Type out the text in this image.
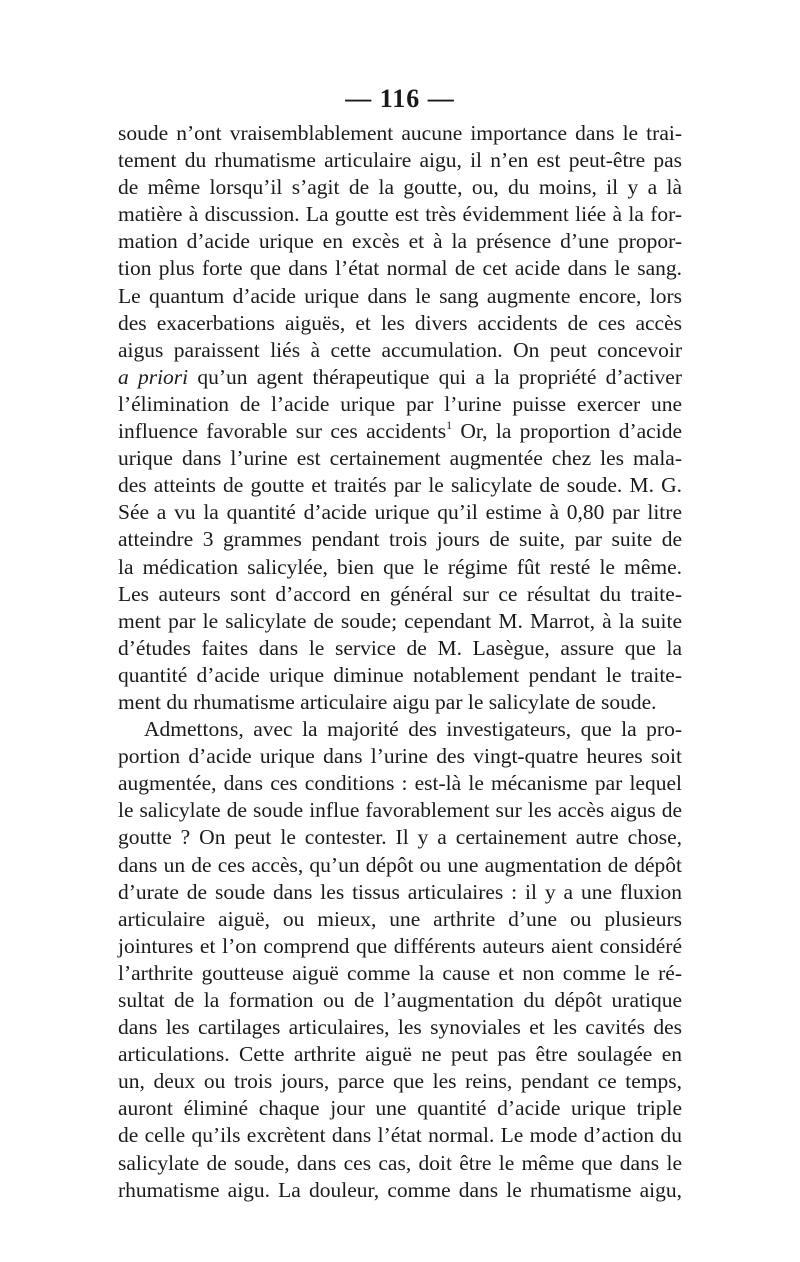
— 116 —
soude n’ont vraisemblablement aucune importance dans le trai-
tement du rhumatisme articulaire aigu, il n’en est peut-être pas
de même lorsqu’il s’agit de la goutte, ou, du moins, il y a là
matière à discussion. La goutte est très évidemment liée à la for-
mation d’acide urique en excès et à la présence d’une propor-
tion plus forte que dans l’état normal de cet acide dans le sang.
Le quantum d’acide urique dans le sang augmente encore, lors
des exacerbations aiguës, et les divers accidents de ces accès
aigus paraissent liés à cette accumulation. On peut concevoir
a priori qu’un agent thérapeutique qui a la propriété d’activer
l’élimination de l’acide urique par l’urine puisse exercer une
influence favorable sur ces accidents$^1$ Or, la proportion d’acide
urique dans l’urine est certainement augmentée chez les mala-
des atteints de goutte et traités par le salicylate de soude. M. G.
Sée a vu la quantité d’acide urique qu’il estime à 0,80 par litre
atteindre 3 grammes pendant trois jours de suite, par suite de
la médication salicylée, bien que le régime fût resté le même.
Les auteurs sont d’accord en général sur ce résultat du traite-
ment par le salicylate de soude; cependant M. Marrot, à la suite
d’études faites dans le service de M. Lasègue, assure que la
quantité d’acide urique diminue notablement pendant le traite-
ment du rhumatisme articulaire aigu par le salicylate de soude.
Admettons, avec la majorité des investigateurs, que la pro-
portion d’acide urique dans l’urine des vingt-quatre heures soit
augmentée, dans ces conditions : est-là le mécanisme par lequel
le salicylate de soude influe favorablement sur les accès aigus de
goutte ? On peut le contester. Il y a certainement autre chose,
dans un de ces accès, qu’un dépôt ou une augmentation de dépôt
d’urate de soude dans les tissus articulaires : il y a une fluxion
articulaire aiguë, ou mieux, une arthrite d’une ou plusieurs
jointures et l’on comprend que différents auteurs aient considéré
l’arthrite goutteuse aiguë comme la cause et non comme le ré-
sultat de la formation ou de l’augmentation du dépôt uratique
dans les cartilages articulaires, les synoviales et les cavités des
articulations. Cette arthrite aiguë ne peut pas être soulagée en
un, deux ou trois jours, parce que les reins, pendant ce temps,
auront éliminé chaque jour une quantité d’acide urique triple
de celle qu’ils excrètent dans l’état normal. Le mode d’action du
salicylate de soude, dans ces cas, doit être le même que dans le
rhumatisme aigu. La douleur, comme dans le rhumatisme aigu,
